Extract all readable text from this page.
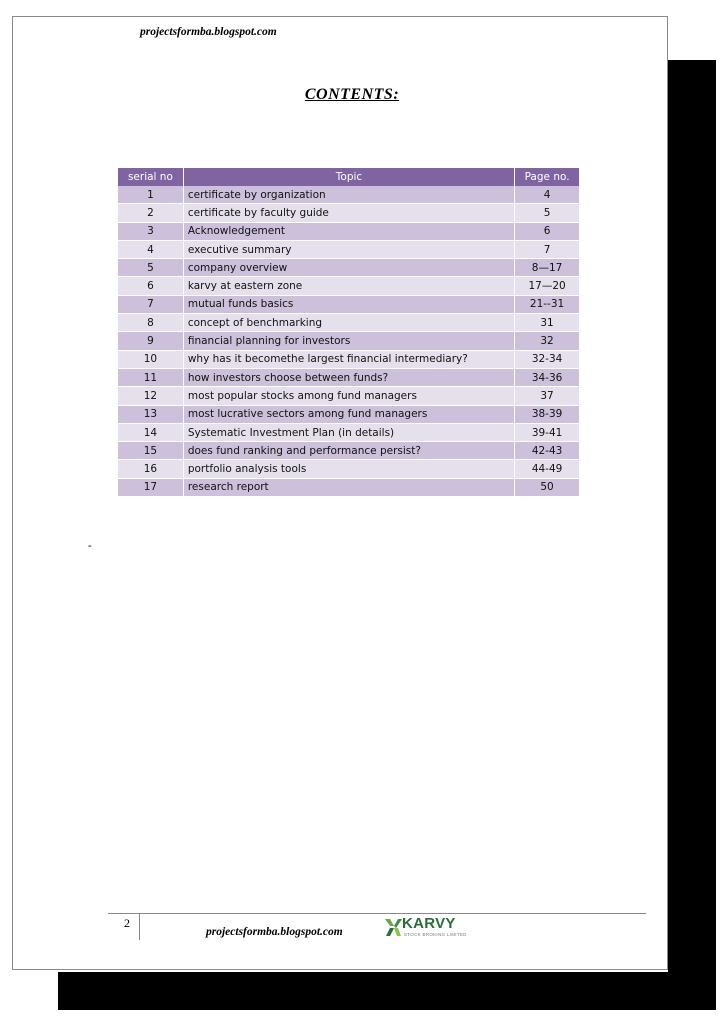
projectsformba.blogspot.com
CONTENTS:
serial no	Topic	Page no.
1	certificate by organization	4
2	certificate by faculty guide	5
3	Acknowledgement	6
4	executive summary	7
5	company overview	8—17
6	karvy at eastern zone	17—20
7	mutual funds basics	21--31
8	concept of benchmarking	31
9	financial planning for investors	32
10	why has it becomethe largest financial intermediary?	32-34
11	how investors choose between funds?	34-36
12	most popular stocks among fund managers	37
13	most lucrative sectors among fund managers	38-39
14	Systematic Investment Plan (in details)	39-41
15	does fund ranking and performance persist?	42-43
16	portfolio analysis tools	44-49
17	research report	50
-
2
projectsformba.blogspot.com	KARVY
STOCK BROKING LIMITED
